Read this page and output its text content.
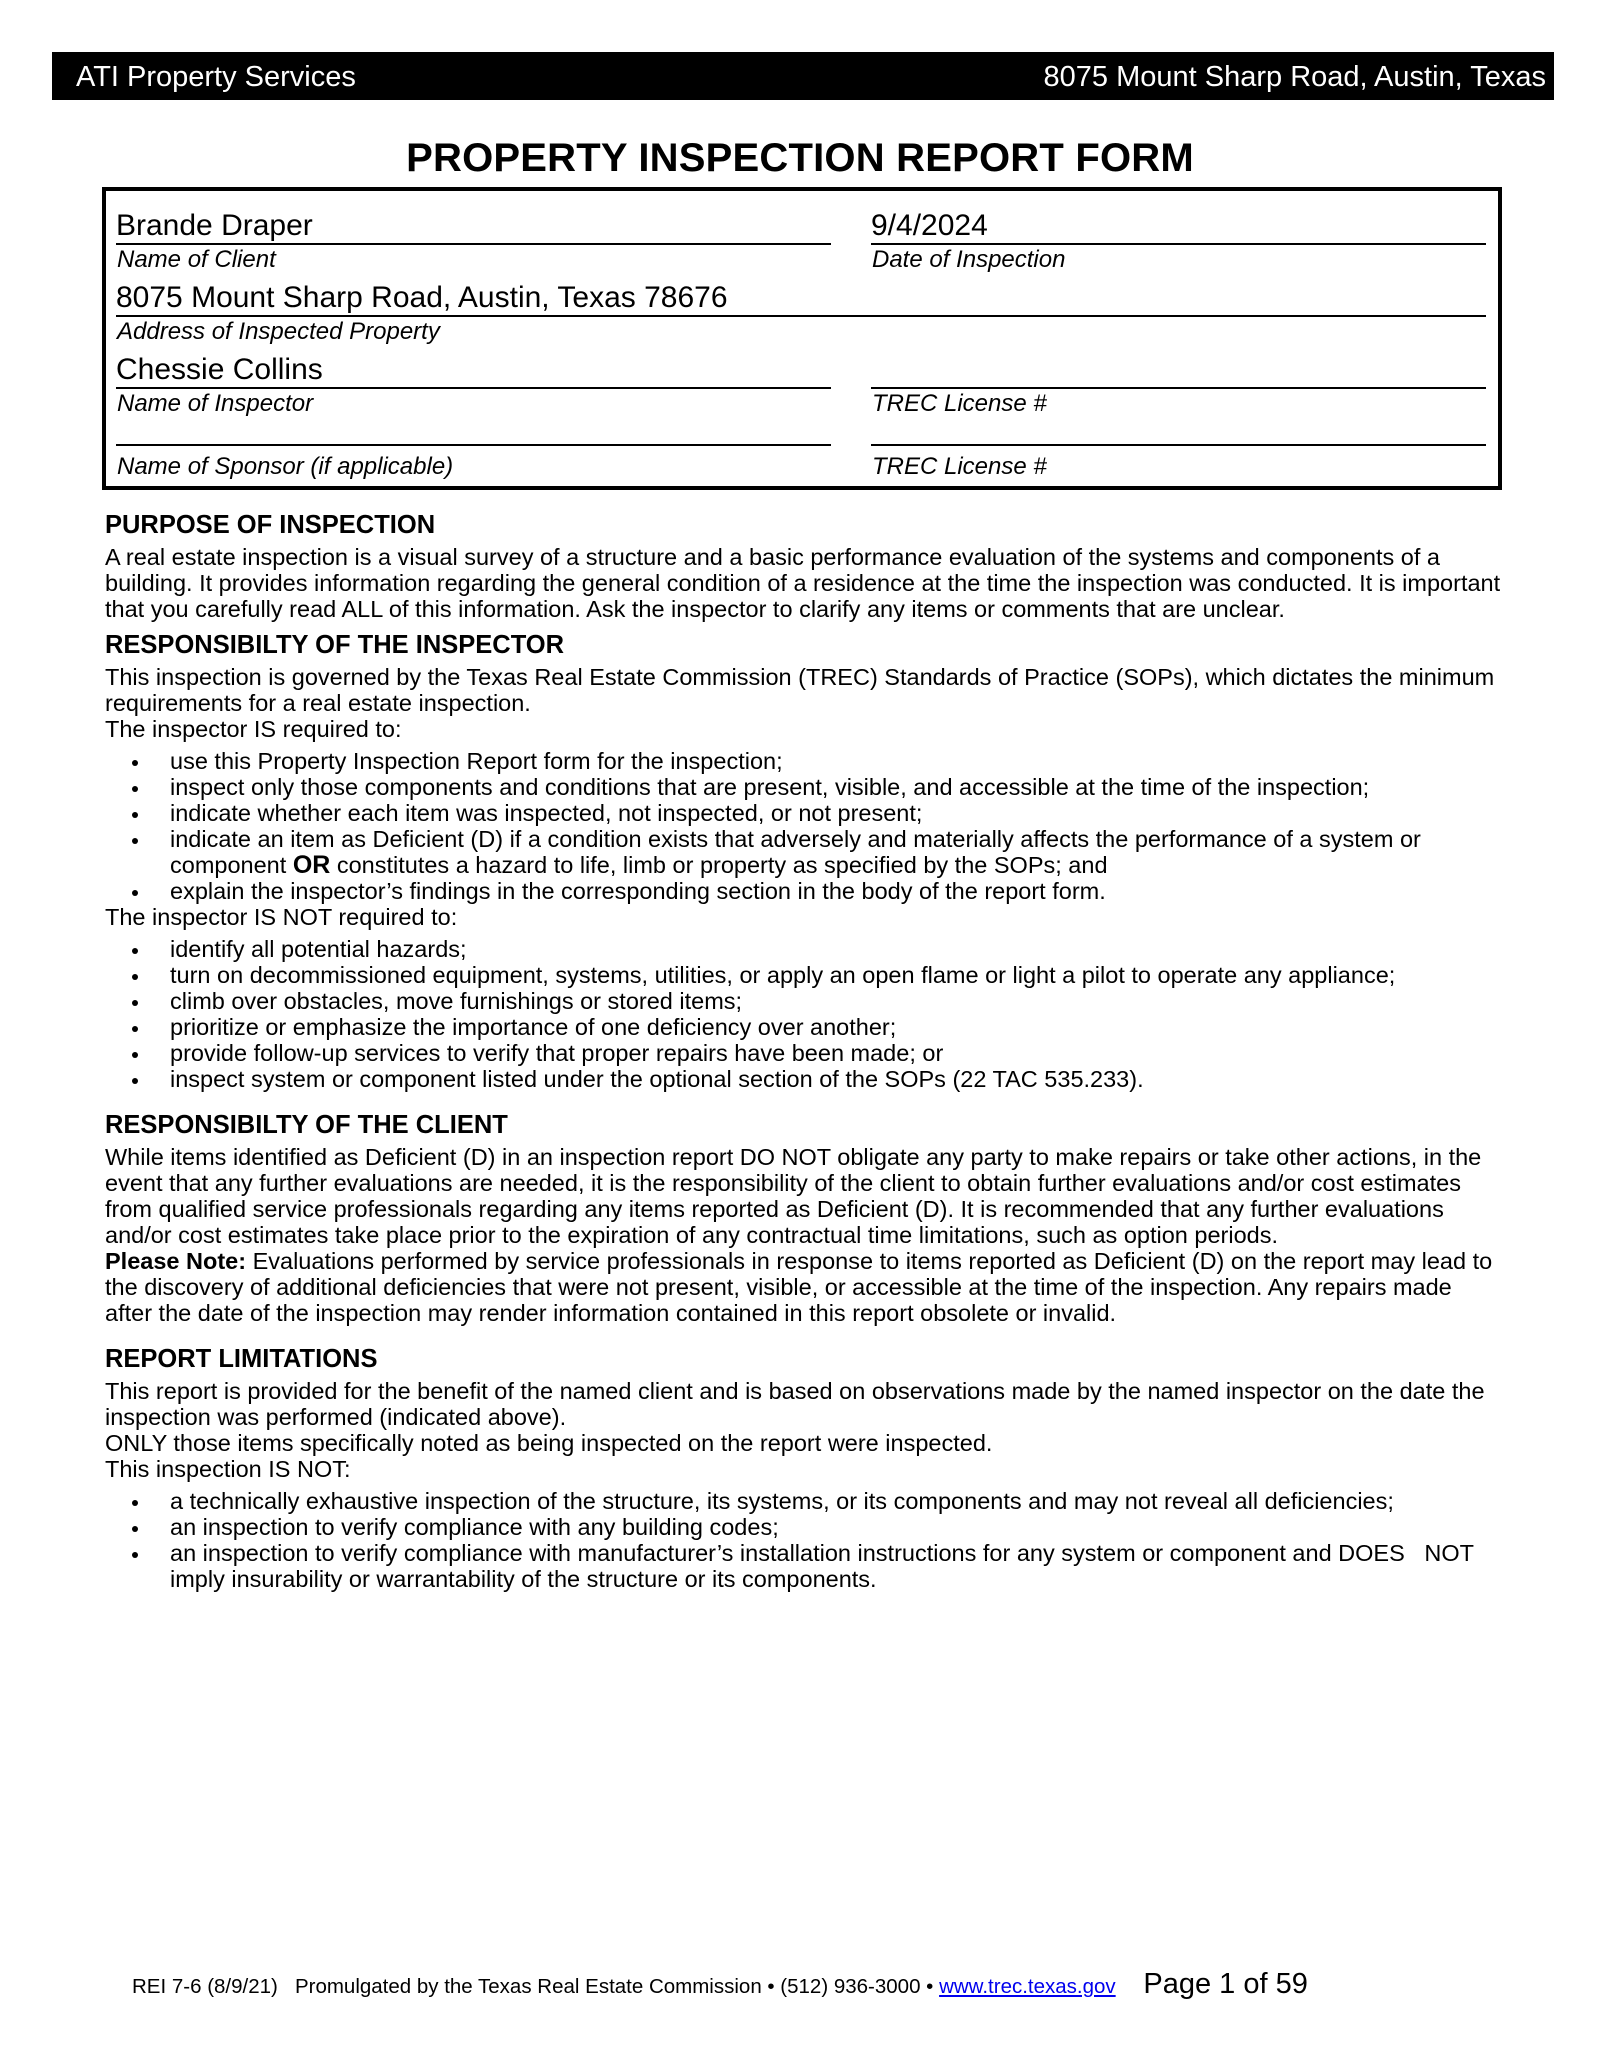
ATI Property Services	8075 Mount Sharp Road, Austin, Texas
PROPERTY INSPECTION REPORT FORM
Brande Draper
Name of Client
9/4/2024
Date of Inspection
8075 Mount Sharp Road, Austin, Texas 78676
Address of Inspected Property
Chessie Collins
Name of Inspector	TREC License #
Name of Sponsor (if applicable)	TREC License #
PURPOSE OF INSPECTION

A real estate inspection is a visual survey of a structure and a basic performance evaluation of the systems and components of a building. It provides information regarding the general condition of a residence at the time the inspection was conducted. It is important that you carefully read ALL of this information. Ask the inspector to clarify any items or comments that are unclear.

RESPONSIBILTY OF THE INSPECTOR

This inspection is governed by the Texas Real Estate Commission (TREC) Standards of Practice (SOPs), which dictates the minimum requirements for a real estate inspection.

The inspector IS required to:

use this Property Inspection Report form for the inspection;
inspect only those components and conditions that are present, visible, and accessible at the time of the inspection;
indicate whether each item was inspected, not inspected, or not present;
indicate an item as Deficient (D) if a condition exists that adversely and materially affects the performance of a system or component OR constitutes a hazard to life, limb or property as specified by the SOPs; and
explain the inspector’s findings in the corresponding section in the body of the report form.

The inspector IS NOT required to:

identify all potential hazards;
turn on decommissioned equipment, systems, utilities, or apply an open flame or light a pilot to operate any appliance;
climb over obstacles, move furnishings or stored items;
prioritize or emphasize the importance of one deficiency over another;
provide follow-up services to verify that proper repairs have been made; or
inspect system or component listed under the optional section of the SOPs (22 TAC 535.233).
RESPONSIBILTY OF THE CLIENT

While items identified as Deficient (D) in an inspection report DO NOT obligate any party to make repairs or take other actions, in the event that any further evaluations are needed, it is the responsibility of the client to obtain further evaluations and/or cost estimates from qualified service professionals regarding any items reported as Deficient (D). It is recommended that any further evaluations and/or cost estimates take place prior to the expiration of any contractual time limitations, such as option periods.

Please Note: Evaluations performed by service professionals in response to items reported as Deficient (D) on the report may lead to the discovery of additional deficiencies that were not present, visible, or accessible at the time of the inspection. Any repairs made after the date of the inspection may render information contained in this report obsolete or invalid.

REPORT LIMITATIONS

This report is provided for the benefit of the named client and is based on observations made by the named inspector on the date the inspection was performed (indicated above).

ONLY those items specifically noted as being inspected on the report were inspected.

This inspection IS NOT:

a technically exhaustive inspection of the structure, its systems, or its components and may not reveal all deficiencies;
an inspection to verify compliance with any building codes;
an inspection to verify compliance with manufacturer’s installation instructions for any system or component and DOES   NOT imply insurability or warrantability of the structure or its components.
REI 7-6 (8/9/21) Promulgated by the Texas Real Estate Commission • (512) 936-3000 • www.trec.texas.gov Page 1 of 59
